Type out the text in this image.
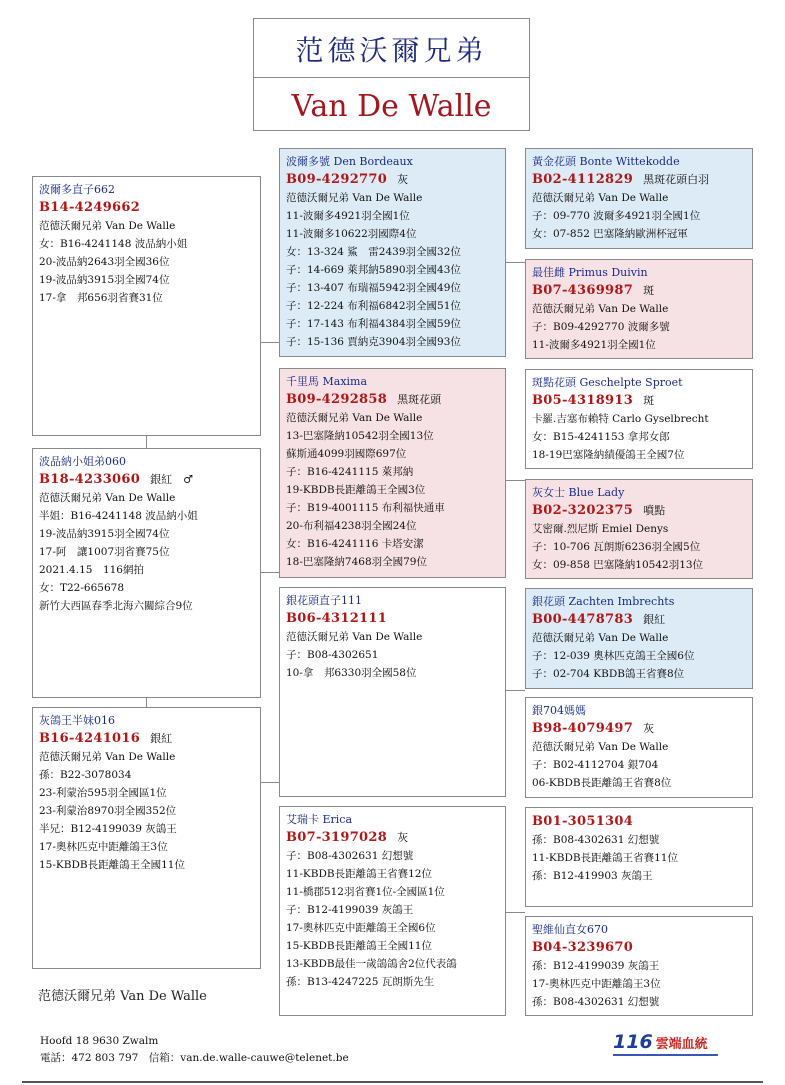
范德沃爾兄弟
Van De Walle
波爾多直子662
B14-4249662
范德沃爾兄弟 Van De Walle
女：B16-4241148 波品納小姐
20-波品納2643羽全國36位
19-波品納3915羽全國74位
17-拿　邦656羽省賽31位
波品納小姐弟060
B18-4233060 銀紅　♂
范德沃爾兄弟 Van De Walle
半姐：B16-4241148 波品納小姐
19-波品納3915羽全國74位
17-阿　讓1007羽省賽75位
2021.4.15　116網拍
女：T22-665678
新竹大西區春季北海六關綜合9位
灰鴿王半妹016
B16-4241016 銀紅
范德沃爾兄弟 Van De Walle
孫：B22-3078034
23-利蒙治595羽全國區1位
23-利蒙治8970羽全國352位
半兄：B12-4199039 灰鴿王
17-奧林匹克中距離鴿王3位
15-KBDB長距離鴿王全國11位
波爾多號 Den Bordeaux
B09-4292770 灰
范德沃爾兄弟 Van De Walle
11-波爾多4921羽全國1位
11-波爾多10622羽國際4位
女：13-324 鯊　雷2439羽全國32位
子：14-669 萊邦納5890羽全國43位
子：13-407 布瑞福5942羽全國49位
子：12-224 布利福6842羽全國51位
子：17-143 布利福4384羽全國59位
子：15-136 賈納克3904羽全國93位
千里馬 Maxima
B09-4292858 黑斑花頭
范德沃爾兄弟 Van De Walle
13-巴塞隆納10542羽全國13位
蘇斯通4099羽國際697位
子：B16-4241115 萊邦納
19-KBDB長距離鴿王全國3位
子：B19-4001115 布利福快通車
20-布利福4238羽全國24位
女：B16-4241116 卡塔安潔
18-巴塞隆納7468羽全國79位
銀花頭直子111
B06-4312111
范德沃爾兄弟 Van De Walle
子：B08-4302651
10-拿　邦6330羽全國58位
艾瑞卡 Erica
B07-3197028 灰
子：B08-4302631 幻想號
11-KBDB長距離鴿王省賽12位
11-橋郡512羽省賽1位-全國區1位
子：B12-4199039 灰鴿王
17-奧林匹克中距離鴿王全國6位
15-KBDB長距離鴿王全國11位
13-KBDB最佳一歲鴿鴿舍2位代表鴿
孫：B13-4247225 瓦朗斯先生
黃金花頭 Bonte Wittekodde
B02-4112829 黑斑花頭白羽
范德沃爾兄弟 Van De Walle
子：09-770 波爾多4921羽全國1位
女：07-852 巴塞隆納歐洲杯冠軍
最佳雌 Primus Duivin
B07-4369987 斑
范德沃爾兄弟 Van De Walle
子：B09-4292770 波爾多號
11-波爾多4921羽全國1位
斑點花頭 Geschelpte Sproet
B05-4318913 斑
卡羅.吉塞布賴特 Carlo Gyselbrecht
女：B15-4241153 拿邦女郎
18-19巴塞隆納績優鴿王全國7位
灰女士 Blue Lady
B02-3202375 噴點
艾密爾.烈尼斯 Emiel Denys
子：10-706 瓦朗斯6236羽全國5位
女：09-858 巴塞隆納10542羽13位
銀花頭 Zachten Imbrechts
B00-4478783 銀紅
范德沃爾兄弟 Van De Walle
子：12-039 奧林匹克鴿王全國6位
子：02-704 KBDB鴿王省賽8位
銀704媽媽
B98-4079497 灰
范德沃爾兄弟 Van De Walle
子：B02-4112704 銀704
06-KBDB長距離鴿王省賽8位
B01-3051304
孫：B08-4302631 幻想號
11-KBDB長距離鴿王省賽11位
孫：B12-419903 灰鴿王
聖維仙直女670
B04-3239670
孫：B12-4199039 灰鴿王
17-奧林匹克中距離鴿王3位
孫：B08-4302631 幻想號
范德沃爾兄弟 Van De Walle
Hoofd 18 9630 Zwalm
電話：472 803 797　信箱：van.de.walle-cauwe@telenet.be
116 雲端血統
